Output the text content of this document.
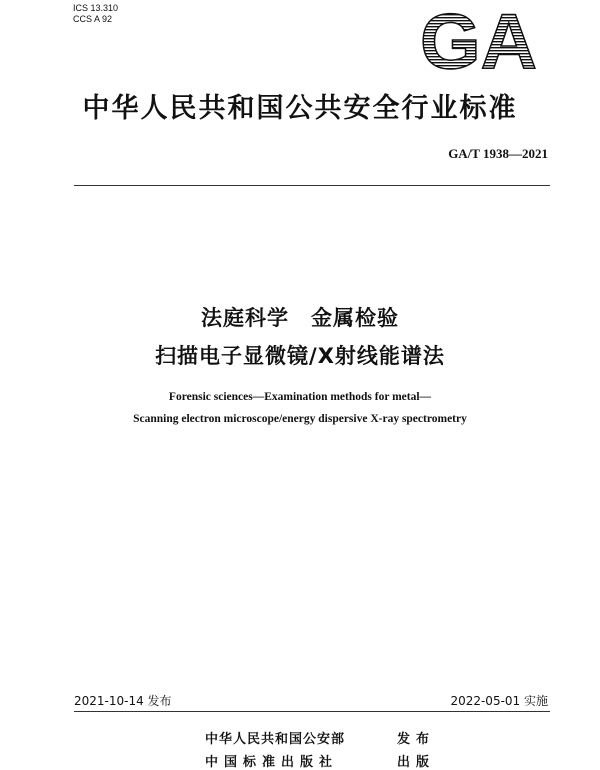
ICS 13.310
CCS A 92	GA
中华人民共和国公共安全行业标准
GA/T 1938—2021
法庭科学　金属检验
扫描电子显微镜/X射线能谱法
Forensic sciences—Examination methods for metal—
Scanning electron microscope/energy dispersive X-ray spectrometry
2021-10-14 发布	2022-05-01 实施
中华人民共和国公安部	发布
中国标准出版社	出版
